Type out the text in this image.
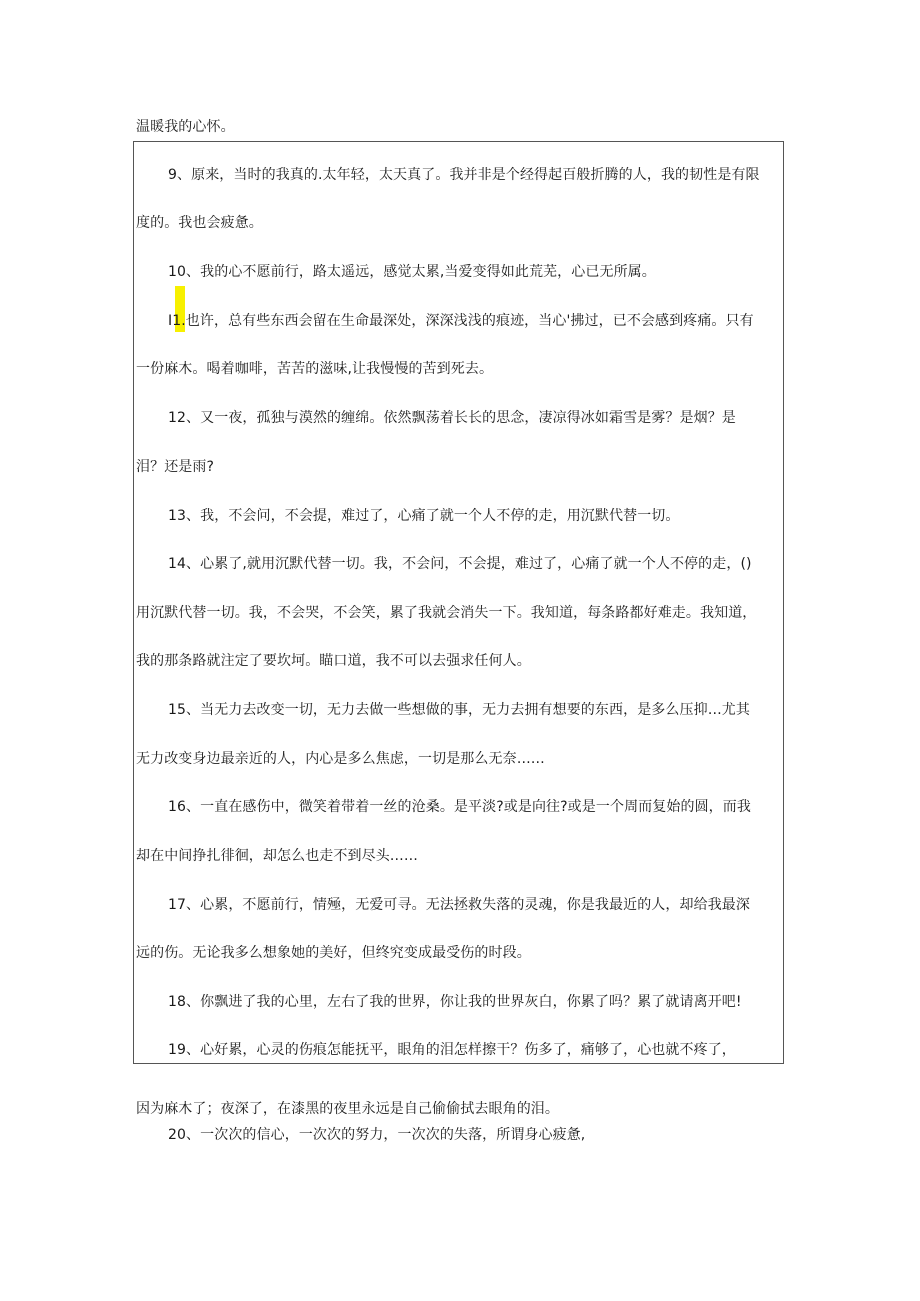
温暖我的心怀。
9、原来，当时的我真的.太年轻，太天真了。我并非是个经得起百般折腾的人，我的韧性是有限
度的。我也会疲惫。
10、我的心不愿前行，路太遥远，感觉太累,当爱变得如此荒芜，心已无所属。
I1.也许，总有些东西会留在生命最深处，深深浅浅的痕迹，当心'拂过，已不会感到疼痛。只有
一份麻木。喝着咖啡，苦苦的滋味,让我慢慢的苦到死去。
12、又一夜，孤独与漠然的缠绵。依然飘荡着长长的思念，凄凉得冰如霜雪是雾？是烟？是
泪？还是雨?
13、我，不会问，不会提，难过了，心痛了就一个人不停的走，用沉默代替一切。
14、心累了,就用沉默代替一切。我，不会问，不会提，难过了，心痛了就一个人不停的走，()
用沉默代替一切。我，不会哭，不会笑，累了我就会消失一下。我知道，每条路都好难走。我知道，
我的那条路就注定了要坎坷。瞄口道，我不可以去强求任何人。
15、当无力去改变一切，无力去做一些想做的事，无力去拥有想要的东西，是多么压抑…尤其
无力改变身边最亲近的人，内心是多么焦虑，一切是那么无奈……
16、一直在感伤中，微笑着带着一丝的沧桑。是平淡?或是向往?或是一个周而复始的圆，而我
却在中间挣扎徘徊，却怎么也走不到尽头……
17、心累，不愿前行，情殛，无爱可寻。无法拯救失落的灵魂，你是我最近的人，却给我最深
远的伤。无论我多么想象她的美好，但终究变成最受伤的时段。
18、你飘进了我的心里，左右了我的世界，你让我的世界灰白，你累了吗？累了就请离开吧!
19、心好累，心灵的伤痕怎能抚平，眼角的泪怎样擦干？伤多了，痛够了，心也就不疼了，
因为麻木了；夜深了，在漆黑的夜里永远是自己偷偷拭去眼角的泪。
20、一次次的信心，一次次的努力，一次次的失落，所谓身心疲惫,
